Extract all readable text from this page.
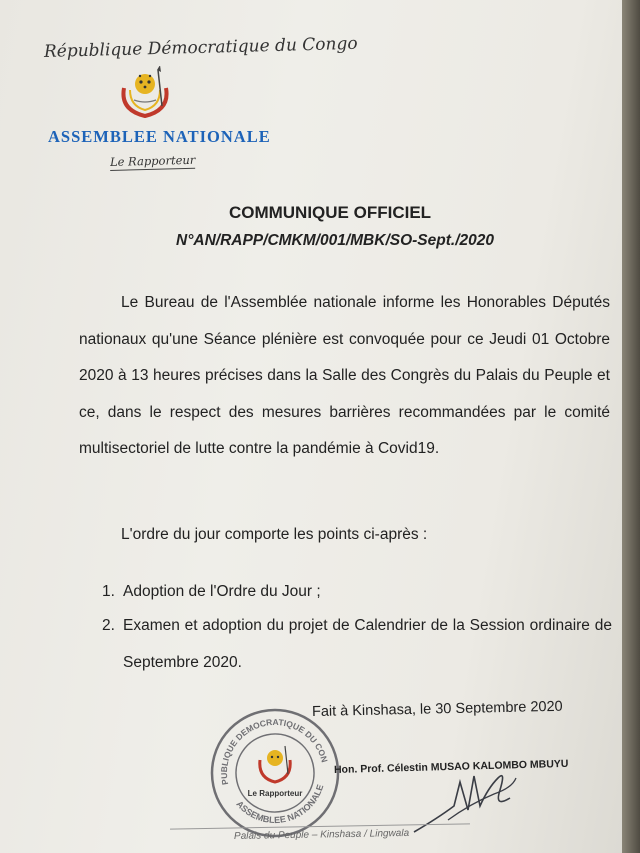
République Démocratique du Congo

ASSEMBLEE NATIONALE

Le Rapporteur

COMMUNIQUE OFFICIEL

N°AN/RAPP/CMKM/001/MBK/SO-Sept./2020

Le Bureau de l'Assemblée nationale informe les Honorables Députés nationaux qu'une Séance plénière est convoquée pour ce Jeudi 01 Octobre 2020 à 13 heures précises dans la Salle des Congrès du Palais du Peuple et ce, dans le respect des mesures barrières recommandées par le comité multisectoriel de lutte contre la pandémie à Covid19.

L'ordre du jour comporte les points ci-après :

1. Adoption de l'Ordre du Jour ;
2. Examen et adoption du projet de Calendrier de la Session ordinaire de Septembre 2020.

Fait à Kinshasa, le 30 Septembre 2020

REPUBLIQUE DEMOCRATIQUE DU CONGO
ASSEMBLEE NATIONALE
Le Rapporteur

Hon. Prof. Célestin MUSAO KALOMBO MBUYU

Palais du Peuple – Kinshasa / Lingwala
